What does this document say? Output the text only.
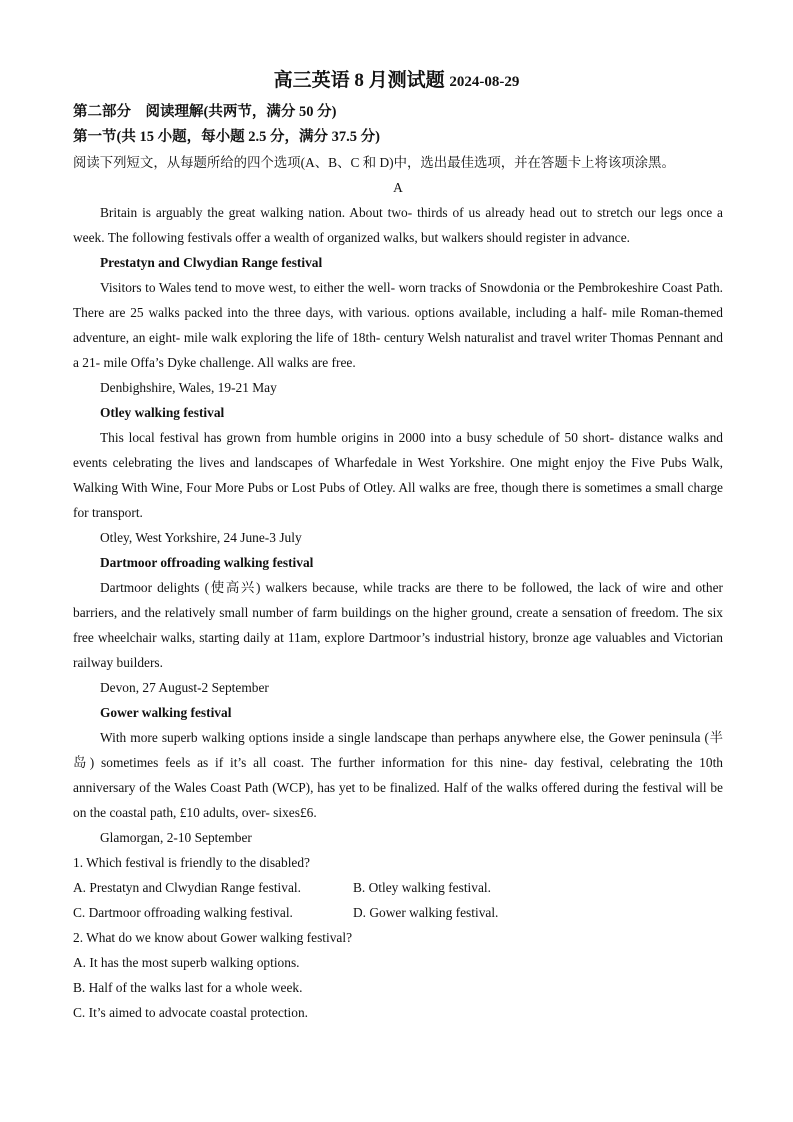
高三英语 8 月测试题 2024-08-29

第二部分　阅读理解(共两节，满分 50 分)

第一节(共 15 小题，每小题 2.5 分，满分 37.5 分)

阅读下列短文，从每题所给的四个选项(A、B、C 和 D)中，选出最佳选项，并在答题卡上将该项涂黑。

A

Britain is arguably the great walking nation. About two- thirds of us already head out to stretch our legs once a week. The following festivals offer a wealth of organized walks, but walkers should register in advance.

Prestatyn and Clwydian Range festival

Visitors to Wales tend to move west, to either the well- worn tracks of Snowdonia or the Pembrokeshire Coast Path. There are 25 walks packed into the three days, with various. options available, including a half- mile Roman-themed adventure, an eight- mile walk exploring the life of 18th- century Welsh naturalist and travel writer Thomas Pennant and a 21- mile Offa’s Dyke challenge. All walks are free.

Denbighshire, Wales, 19-21 May

Otley walking festival

This local festival has grown from humble origins in 2000 into a busy schedule of 50 short- distance walks and events celebrating the lives and landscapes of Wharfedale in West Yorkshire. One might enjoy the Five Pubs Walk, Walking With Wine, Four More Pubs or Lost Pubs of Otley. All walks are free, though there is sometimes a small charge for transport.

Otley, West Yorkshire, 24 June-3 July

Dartmoor offroading walking festival

Dartmoor delights (使高兴) walkers because, while tracks are there to be followed, the lack of wire and other barriers, and the relatively small number of farm buildings on the higher ground, create a sensation of freedom. The six free wheelchair walks, starting daily at 11am, explore Dartmoor’s industrial history, bronze age valuables and Victorian railway builders.

Devon, 27 August-2 September

Gower walking festival

With more superb walking options inside a single landscape than perhaps anywhere else, the Gower peninsula (半岛) sometimes feels as if it’s all coast. The further information for this nine- day festival, celebrating the 10th anniversary of the Wales Coast Path (WCP), has yet to be finalized. Half of the walks offered during the festival will be on the coastal path, £10 adults, over- sixes£6.

Glamorgan, 2-10 September

1. Which festival is friendly to the disabled?

A. Prestatyn and Clwydian Range festival.	B. Otley walking festival.
C. Dartmoor offroading walking festival.	D. Gower walking festival.

2. What do we know about Gower walking festival?

A. It has the most superb walking options.

B. Half of the walks last for a whole week.

C. It’s aimed to advocate coastal protection.
